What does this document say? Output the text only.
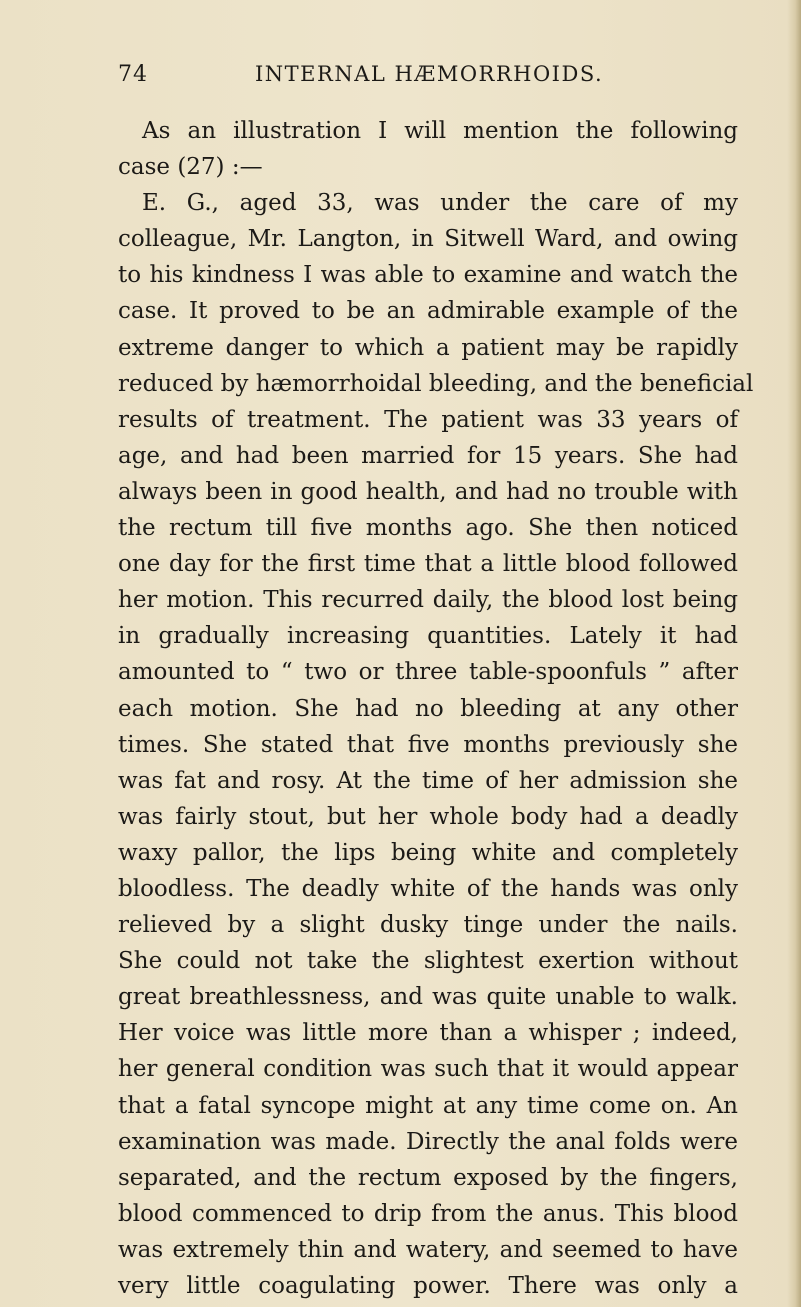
74	INTERNAL HÆMORRHOIDS.
As an illustration I will mention the following
case (27) :—
E. G., aged 33, was under the care of my
colleague, Mr. Langton, in Sitwell Ward, and owing
to his kindness I was able to examine and watch the
case. It proved to be an admirable example of the
extreme danger to which a patient may be rapidly
reduced by hæmorrhoidal bleeding, and the beneficial
results of treatment. The patient was 33 years of
age, and had been married for 15 years. She had
always been in good health, and had no trouble with
the rectum till five months ago. She then noticed
one day for the first time that a little blood followed
her motion. This recurred daily, the blood lost being
in gradually increasing quantities. Lately it had
amounted to “ two or three table-spoonfuls ” after
each motion. She had no bleeding at any other
times. She stated that five months previously she
was fat and rosy. At the time of her admission she
was fairly stout, but her whole body had a deadly
waxy pallor, the lips being white and completely
bloodless. The deadly white of the hands was only
relieved by a slight dusky tinge under the nails.
She could not take the slightest exertion without
great breathlessness, and was quite unable to walk.
Her voice was little more than a whisper ; indeed,
her general condition was such that it would appear
that a fatal syncope might at any time come on. An
examination was made. Directly the anal folds were
separated, and the rectum exposed by the fingers,
blood commenced to drip from the anus. This blood
was extremely thin and watery, and seemed to have
very little coagulating power. There was only a
